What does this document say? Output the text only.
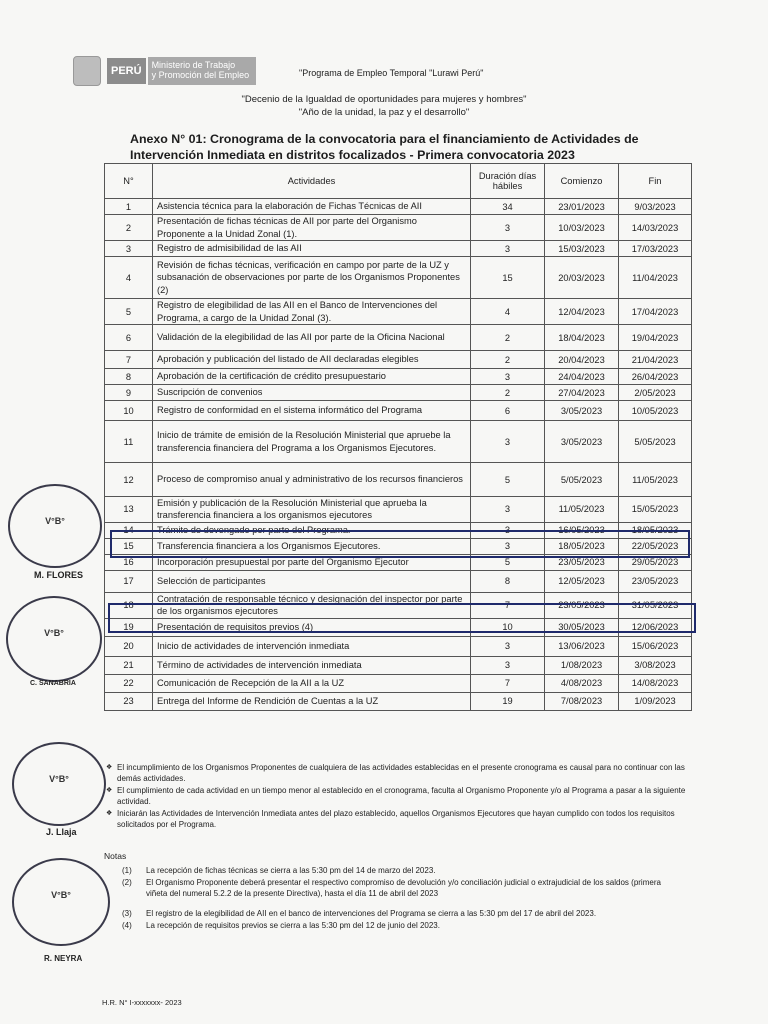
PERÚ	Ministerio de Trabajo
y Promoción del Empleo	"Programa de Empleo Temporal "Lurawi Perú"
"Decenio de la Igualdad de oportunidades para mujeres y hombres"
"Año de la unidad, la paz y el desarrollo"
Anexo N° 01: Cronograma de la convocatoria para el financiamiento de Actividades de Intervención Inmediata en distritos focalizados - Primera convocatoria 2023
N°	Actividades	Duración días hábiles	Comienzo	Fin
1	Asistencia técnica para la elaboración de Fichas Técnicas de AII	34	23/01/2023	9/03/2023
2	Presentación de fichas técnicas de AII por parte del Organismo Proponente a la Unidad Zonal (1).	3	10/03/2023	14/03/2023
3	Registro de admisibilidad de las AII	3	15/03/2023	17/03/2023
4	Revisión de fichas técnicas, verificación en campo por parte de la UZ y subsanación de observaciones por parte de los Organismos Proponentes (2)	15	20/03/2023	11/04/2023
5	Registro de elegibilidad de las AII en el Banco de Intervenciones del Programa, a cargo de la Unidad Zonal (3).	4	12/04/2023	17/04/2023
6	Validación de la elegibilidad de las AII por parte de la Oficina Nacional	2	18/04/2023	19/04/2023
7	Aprobación y publicación del listado de AII declaradas elegibles	2	20/04/2023	21/04/2023
8	Aprobación de la certificación de crédito presupuestario	3	24/04/2023	26/04/2023
9	Suscripción de convenios	2	27/04/2023	2/05/2023
10	Registro de conformidad en el sistema informático del Programa	6	3/05/2023	10/05/2023
11	Inicio de trámite de emisión de la Resolución Ministerial que apruebe la transferencia financiera del Programa a los Organismos Ejecutores.	3	3/05/2023	5/05/2023
12	Proceso de compromiso anual y administrativo de los recursos financieros	5	5/05/2023	11/05/2023
13	Emisión y publicación de la Resolución Ministerial que aprueba la transferencia financiera a los organismos ejecutores	3	11/05/2023	15/05/2023
14	Trámite de devengado por parte del Programa.	3	16/05/2023	18/05/2023
15	Transferencia financiera a los Organismos Ejecutores.	3	18/05/2023	22/05/2023
16	Incorporación presupuestal por parte del Organismo Ejecutor	5	23/05/2023	29/05/2023
17	Selección de participantes	8	12/05/2023	23/05/2023
18	Contratación de responsable técnico y designación del inspector por parte de los organismos ejecutores	7	23/05/2023	31/05/2023
19	Presentación de requisitos previos (4)	10	30/05/2023	12/06/2023
20	Inicio de actividades de intervención inmediata	3	13/06/2023	15/06/2023
21	Término de actividades de intervención inmediata	3	1/08/2023	3/08/2023
22	Comunicación de Recepción de la AII a la UZ	7	4/08/2023	14/08/2023
23	Entrega del Informe de Rendición de Cuentas a la UZ	19	7/08/2023	1/09/2023

❖ El incumplimiento de los Organismos Proponentes de cualquiera de las actividades establecidas en el presente cronograma es causal para no continuar con las demás actividades.

❖ El cumplimiento de cada actividad en un tiempo menor al establecido en el cronograma, faculta al Organismo Proponente y/o al Programa a pasar a la siguiente actividad.

❖ Iniciarán las Actividades de Intervención Inmediata antes del plazo establecido, aquellos Organismos Ejecutores que hayan cumplido con todos los requisitos solicitados por el Programa.

Notas
(1)	La recepción de fichas técnicas se cierra a las 5:30 pm del 14 de marzo del 2023.
(2)	El Organismo Proponente deberá presentar el respectivo compromiso de devolución y/o conciliación judicial o extrajudicial de los saldos (primera viñeta del numeral 5.2.2 de la presente Directiva), hasta el día 11 de abril del 2023
(3)	El registro de la elegibilidad de AII en el banco de intervenciones del Programa se cierra a las 5:30 pm del 17 de abril del 2023.
(4)	La recepción de requisitos previos se cierra a las 5:30 pm del 12 de junio del 2023.
H.R. N° I-xxxxxxx- 2023
V°B°
M. FLORES
V°B°
C. SANABRIA
V°B°
J. Llaja
V°B°
R. NEYRA
